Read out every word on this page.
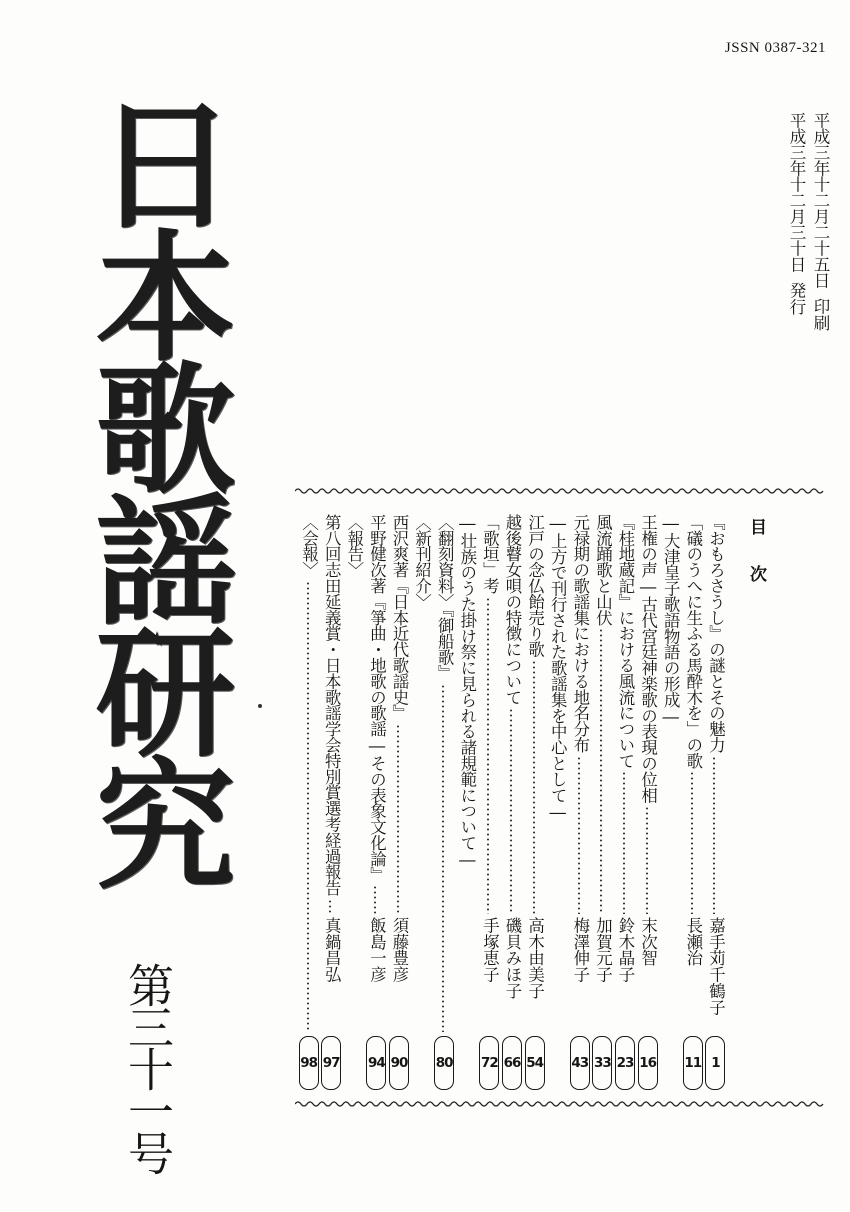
JSSN 0387-321
平成三年十二月二十五日
印刷
平成三年十二月三十日
発行
日本歌謡研究
第三十一号
目次
『おもろさうし』の謎とその魅力
嘉手苅千鶴子
1
「礒のうへに生ふる馬酔木を」の歌
長瀬治
11
―大津皇子歌語物語の形成―
王権の声―古代宮廷神楽歌の表現の位相
末次智
16
『桂地蔵記』における風流について
鈴木晶子
23
風流踊歌と山伏
加賀元子
33
元禄期の歌謡集における地名分布
梅澤伸子
43
―上方で刊行された歌謡集を中心として―
江戸の念仏飴売り歌
高木由美子
54
越後瞽女唄の特徴について
磯貝みほ子
66
「歌垣」考
手塚恵子
72
―壮族のうた掛け祭に見られる諸規範について―
〈翻刻資料〉『御船歌』
80
〈新刊紹介〉
西沢爽著『日本近代歌謡史』
須藤豊彦
90
平野健次著『箏曲・地歌の歌謡―その表象文化論』
飯島一彦
94
〈報告〉
第八回志田延義賞・日本歌謡学会特別賞選考経過報告
真鍋昌弘
97
〈会報〉
98
